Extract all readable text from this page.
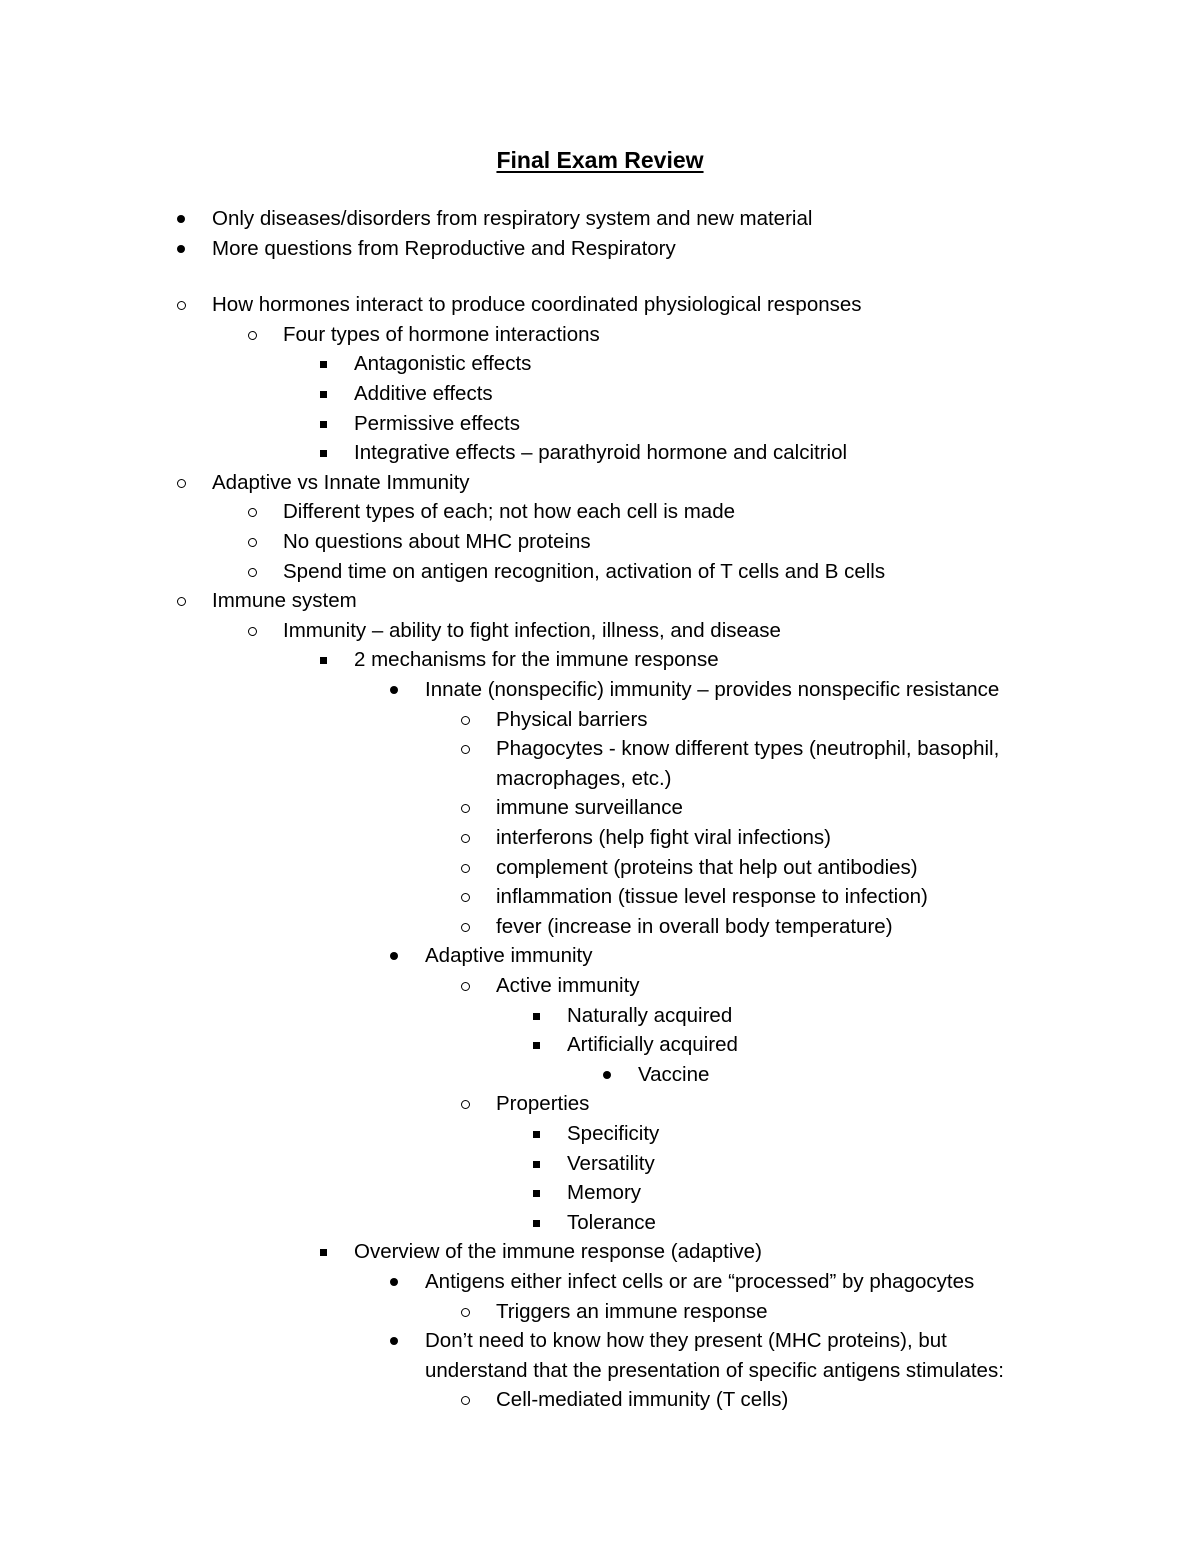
Final Exam Review
Only diseases/disorders from respiratory system and new material
More questions from Reproductive and Respiratory
How hormones interact to produce coordinated physiological responses
Four types of hormone interactions
Antagonistic effects
Additive effects
Permissive effects
Integrative effects – parathyroid hormone and calcitriol
Adaptive vs Innate Immunity
Different types of each; not how each cell is made
No questions about MHC proteins
Spend time on antigen recognition, activation of T cells and B cells
Immune system
Immunity – ability to fight infection, illness, and disease
2 mechanisms for the immune response
Innate (nonspecific) immunity – provides nonspecific resistance
Physical barriers
Phagocytes - know different types (neutrophil, basophil,
macrophages, etc.)
immune surveillance
interferons (help fight viral infections)
complement (proteins that help out antibodies)
inflammation (tissue level response to infection)
fever (increase in overall body temperature)
Adaptive immunity
Active immunity
Naturally acquired
Artificially acquired
Vaccine
Properties
Specificity
Versatility
Memory
Tolerance
Overview of the immune response (adaptive)
Antigens either infect cells or are “processed” by phagocytes
Triggers an immune response
Don’t need to know how they present (MHC proteins), but
understand that the presentation of specific antigens stimulates:
Cell-mediated immunity (T cells)
